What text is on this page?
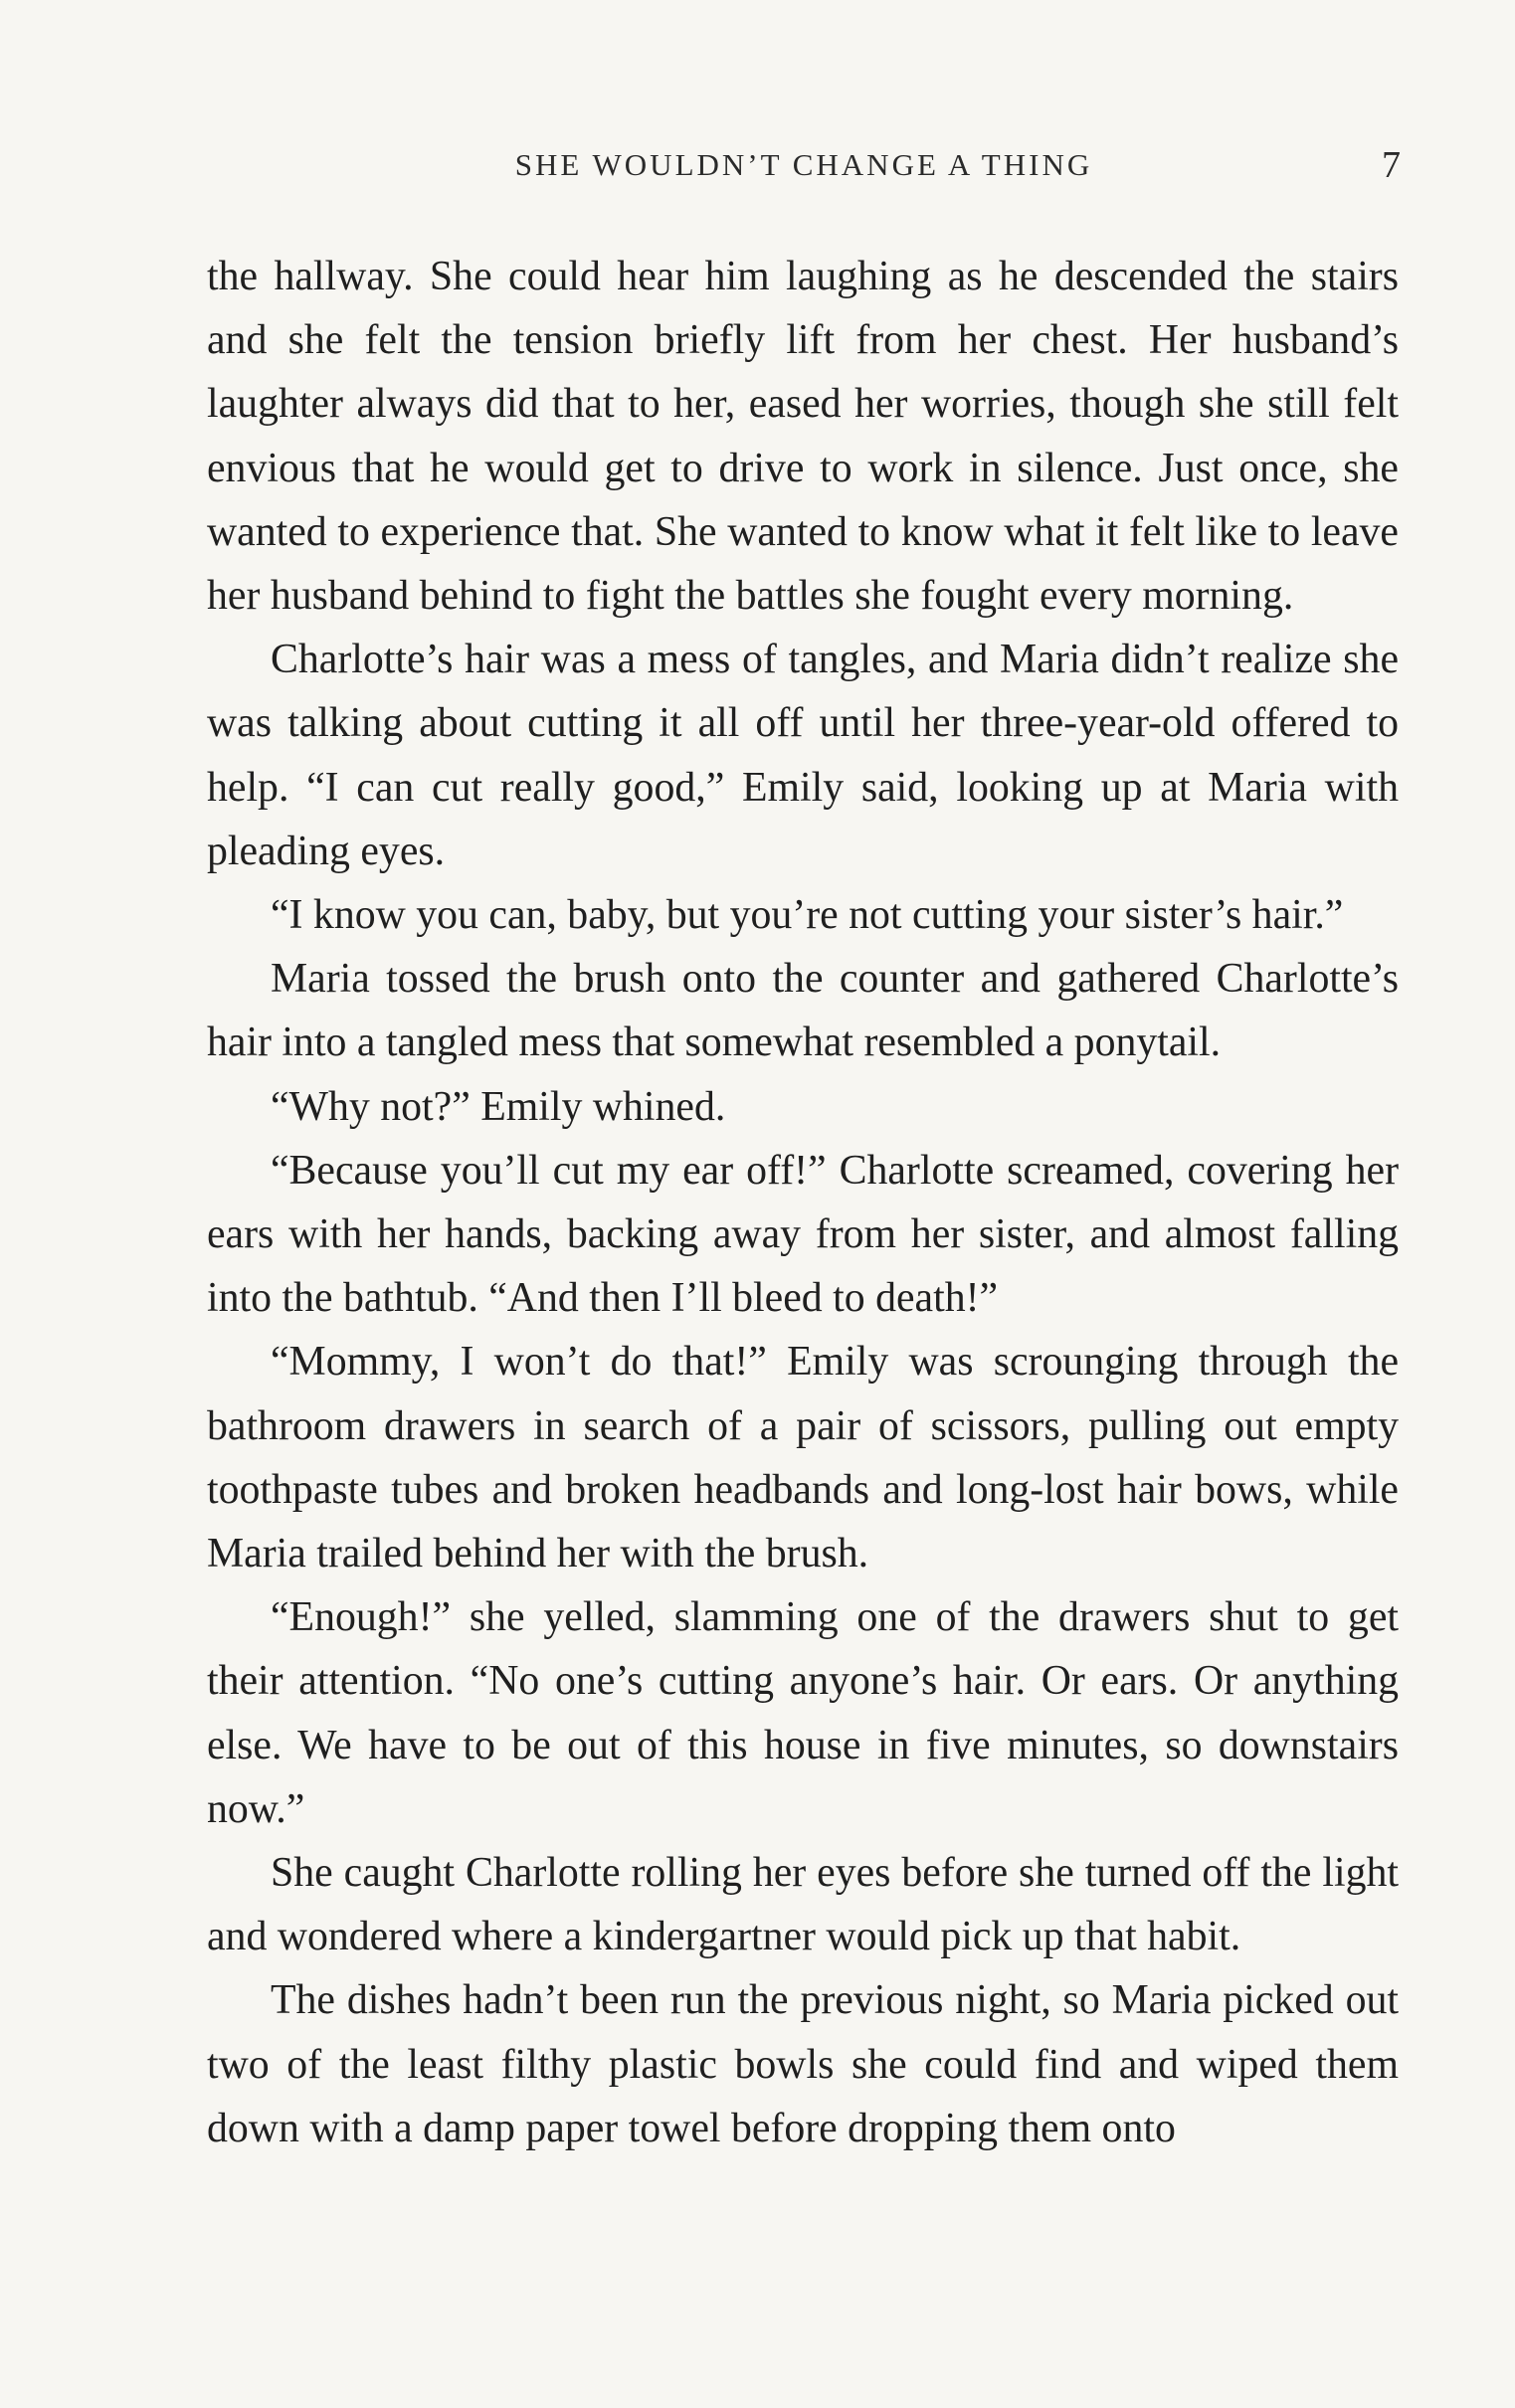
SHE WOULDN’T CHANGE A THING	7

the hallway. She could hear him laughing as he descended the stairs and she felt the tension briefly lift from her chest. Her husband’s laughter always did that to her, eased her worries, though she still felt envious that he would get to drive to work in silence. Just once, she wanted to experience that. She wanted to know what it felt like to leave her husband behind to fight the battles she fought every morning.

Charlotte’s hair was a mess of tangles, and Maria didn’t realize she was talking about cutting it all off until her three-year-old offered to help. “I can cut really good,” Emily said, looking up at Maria with pleading eyes.

“I know you can, baby, but you’re not cutting your sister’s hair.”

Maria tossed the brush onto the counter and gathered Charlotte’s hair into a tangled mess that somewhat resembled a ponytail.

“Why not?” Emily whined.

“Because you’ll cut my ear off!” Charlotte screamed, covering her ears with her hands, backing away from her sister, and almost falling into the bathtub. “And then I’ll bleed to death!”

“Mommy, I won’t do that!” Emily was scrounging through the bathroom drawers in search of a pair of scissors, pulling out empty toothpaste tubes and broken headbands and long-lost hair bows, while Maria trailed behind her with the brush.

“Enough!” she yelled, slamming one of the drawers shut to get their attention. “No one’s cutting anyone’s hair. Or ears. Or anything else. We have to be out of this house in five minutes, so downstairs now.”

She caught Charlotte rolling her eyes before she turned off the light and wondered where a kindergartner would pick up that habit.

The dishes hadn’t been run the previous night, so Maria picked out two of the least filthy plastic bowls she could find and wiped them down with a damp paper towel before dropping them onto
